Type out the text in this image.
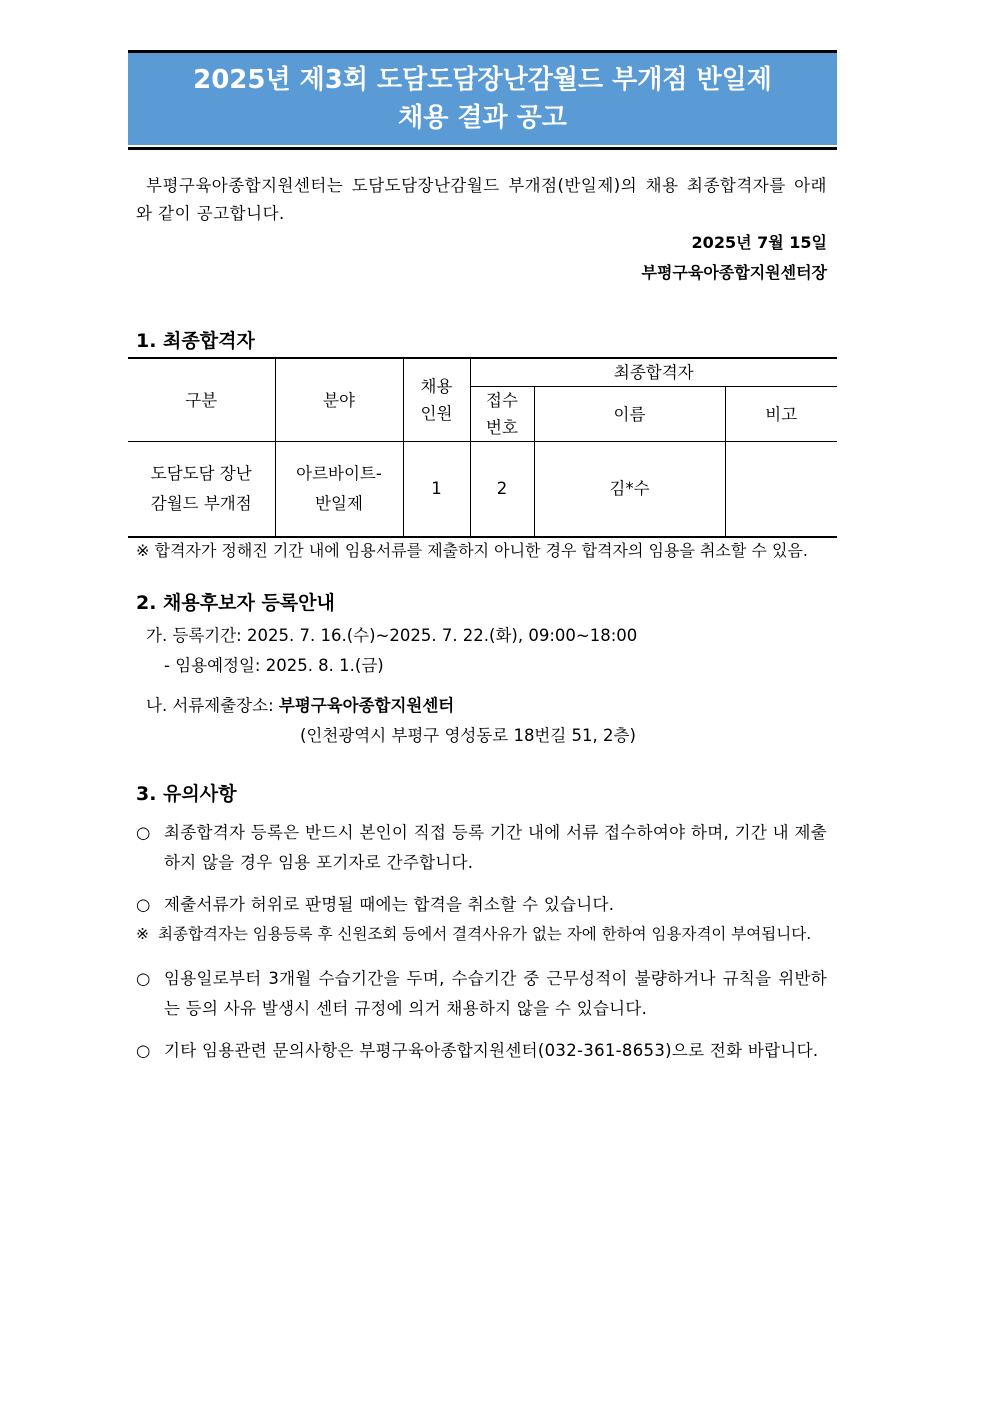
2025년 제3회 도담도담장난감월드 부개점 반일제
채용 결과 공고
부평구육아종합지원센터는 도담도담장난감월드 부개점(반일제)의 채용 최종합격자를 아래와 같이 공고합니다.
2025년 7월 15일
부평구육아종합지원센터장
1. 최종합격자
구분	분야	채용 인원	최종합격자		
			접수 번호	이름	비고
도담도담 장난감월드 부개점	아르바이트- 반일제	1	2	김*수	
※ 합격자가 정해진 기간 내에 임용서류를 제출하지 아니한 경우 합격자의 임용을 취소할 수 있음.
2. 채용후보자 등록안내
가. 등록기간: 2025. 7. 16.(수)~2025. 7. 22.(화), 09:00~18:00
- 임용예정일: 2025. 8. 1.(금)
나. 서류제출장소: 부평구육아종합지원센터
(인천광역시 부평구 영성동로 18번길 51, 2층)
3. 유의사항
○ 최종합격자 등록은 반드시 본인이 직접 등록 기간 내에 서류 접수하여야 하며, 기간 내 제출하지 않을 경우 임용 포기자로 간주합니다.
○ 제출서류가 허위로 판명될 때에는 합격을 취소할 수 있습니다.
※ 최종합격자는 임용등록 후 신원조회 등에서 결격사유가 없는 자에 한하여 임용자격이 부여됩니다.
○ 임용일로부터 3개월 수습기간을 두며, 수습기간 중 근무성적이 불량하거나 규칙을 위반하는 등의 사유 발생시 센터 규정에 의거 채용하지 않을 수 있습니다.
○ 기타 임용관련 문의사항은 부평구육아종합지원센터(032-361-8653)으로 전화 바랍니다.
